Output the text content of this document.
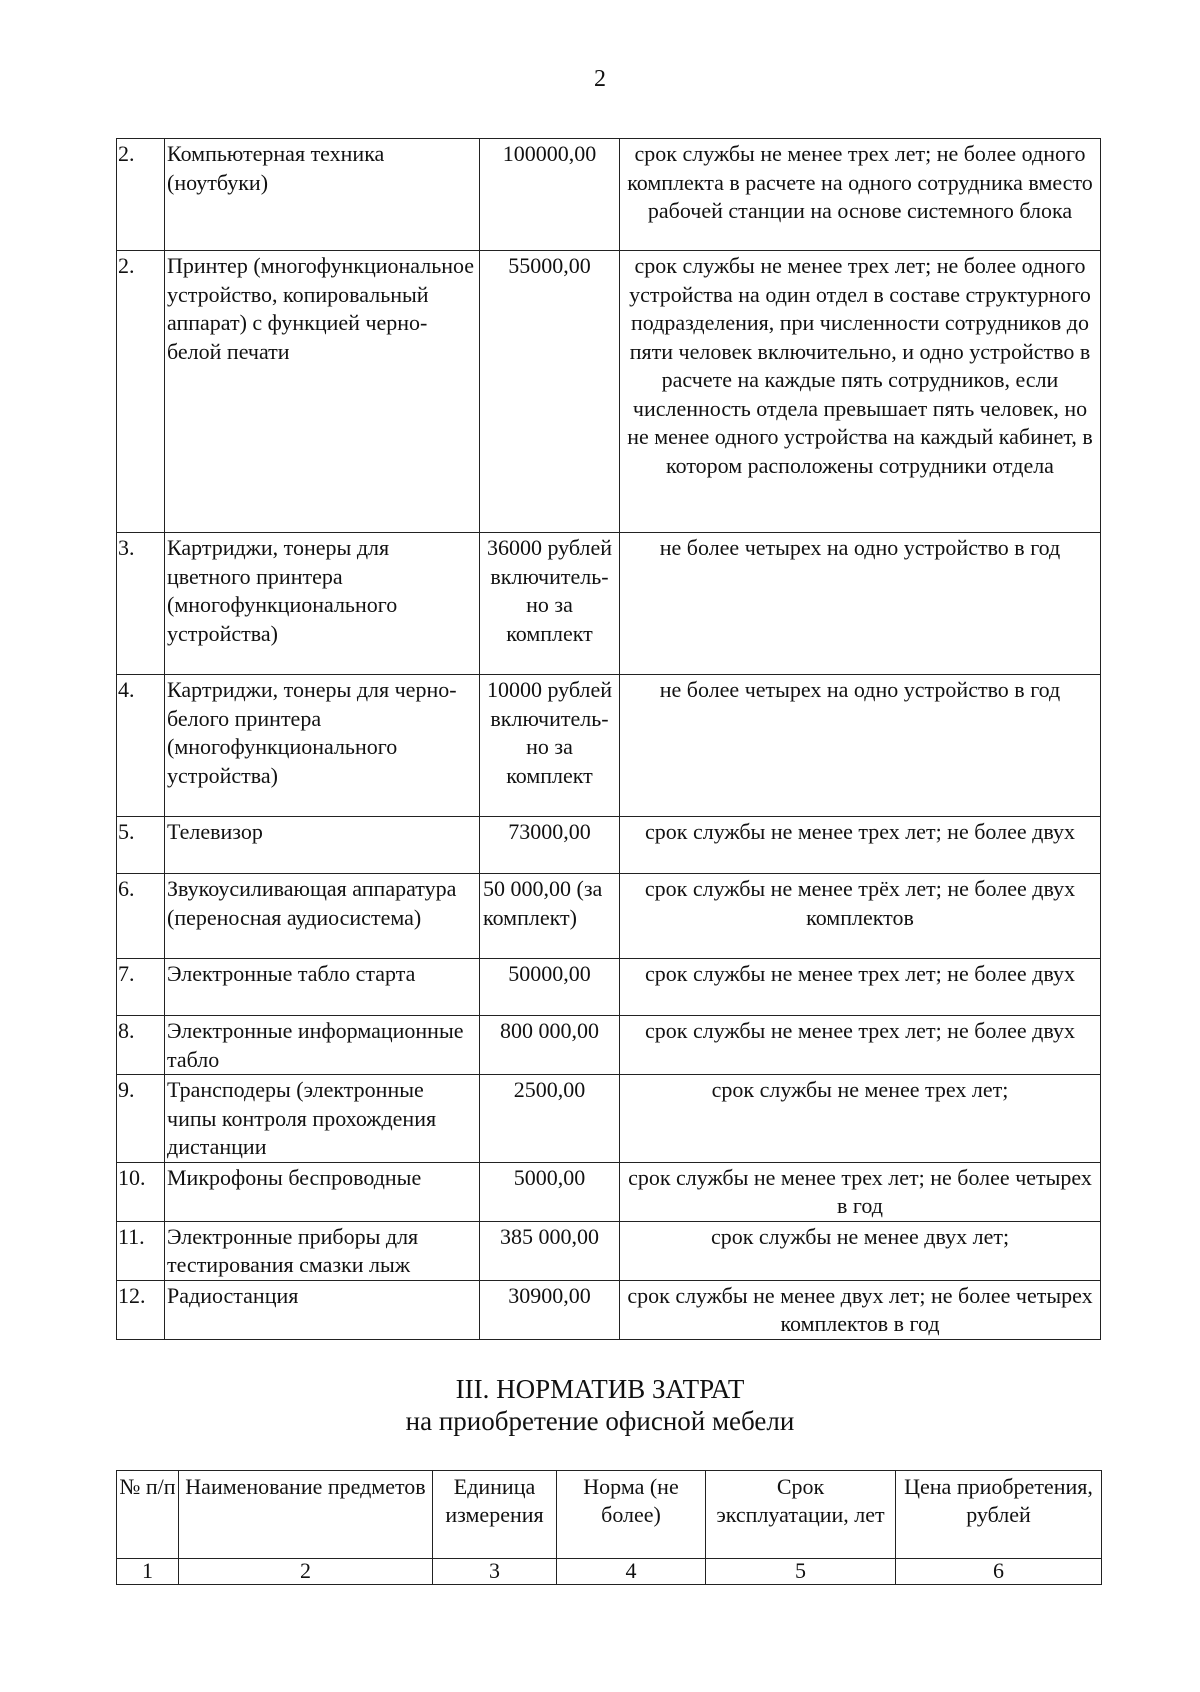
2
2.	Компьютерная техника (ноутбуки)	100000,00	срок службы не менее трех лет; не более одного комплекта в расчете на одного сотрудника вместо рабочей станции на основе системного блока
2.	Принтер (многофункциональное устройство, копировальный аппарат) с функцией черно-белой печати	55000,00	срок службы не менее трех лет; не более одного устройства на один отдел в составе структурного подразделения, при численности сотрудников до пяти человек включительно, и одно устройство в расчете на каждые пять сотрудников, если численность отдела превышает пять человек, но не менее одного устройства на каждый кабинет, в котором расположены сотрудники отдела
3.	Картриджи, тонеры для цветного принтера (многофункционального устройства)	36000 рублей включитель-но за комплект	не более четырех на одно устройство в год
4.	Картриджи, тонеры для черно-белого принтера (многофункционального устройства)	10000 рублей включитель-но за комплект	не более четырех на одно устройство в год
5.	Телевизор	73000,00	срок службы не менее трех лет; не более двух
6.	Звукоусиливающая аппаратура (переносная аудиосистема)	50 000,00 (за комплект)	срок службы не менее трёх лет; не более двух комплектов
7.	Электронные табло старта	50000,00	срок службы не менее трех лет; не более двух
8.	Электронные информационные табло	800 000,00	срок службы не менее трех лет; не более двух
9.	Трансподеры (электронные чипы контроля прохождения дистанции	2500,00	срок службы не менее трех лет;
10.	Микрофоны беспроводные	5000,00	срок службы не менее трех лет; не более четырех в год
11.	Электронные приборы для тестирования смазки лыж	385 000,00	срок службы не менее двух лет;
12.	Радиостанция	30900,00	срок службы не менее двух лет; не более четырех комплектов в год
III. НОРМАТИВ ЗАТРАТ
на приобретение офисной мебели
№ п/п	Наименование предметов	Единица измерения	Норма (не более)	Срок эксплуатации, лет	Цена приобретения, рублей
1	2	3	4	5	6
